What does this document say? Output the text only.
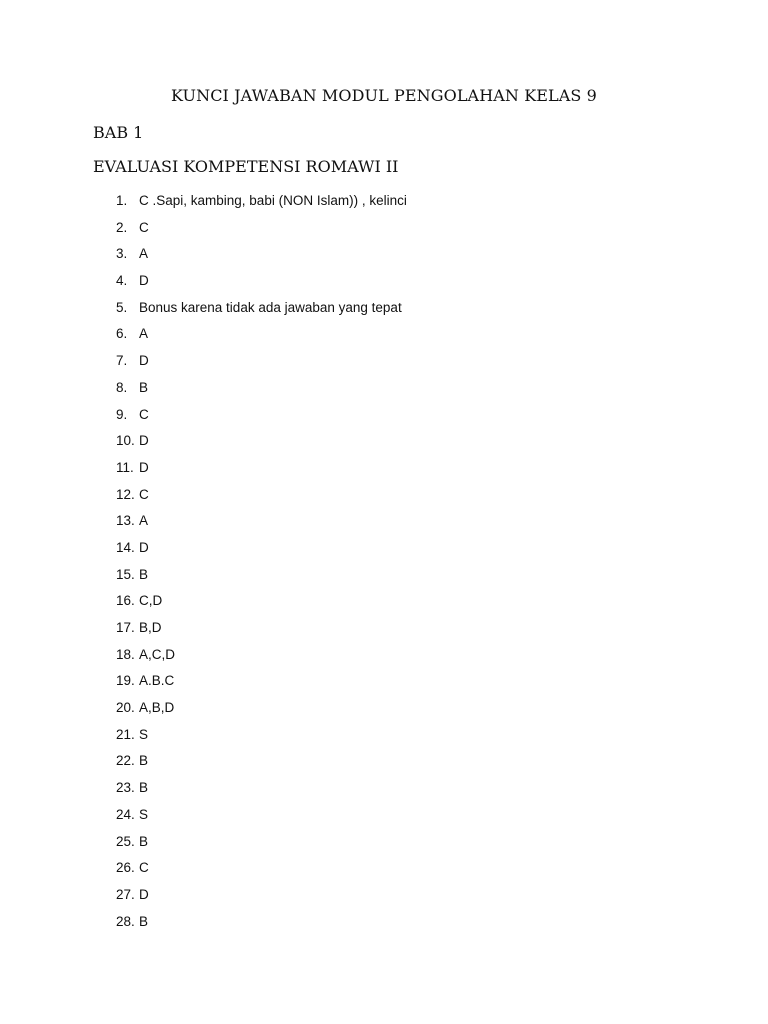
KUNCI JAWABAN MODUL PENGOLAHAN KELAS 9
BAB 1
EVALUASI KOMPETENSI ROMAWI II
1. C .Sapi, kambing, babi (NON Islam)) , kelinci
2. C
3. A
4. D
5. Bonus karena tidak ada jawaban yang tepat
6. A
7. D
8. B
9. C
10. D
11. D
12. C
13. A
14. D
15. B
16. C,D
17. B,D
18. A,C,D
19. A.B.C
20. A,B,D
21. S
22. B
23. B
24. S
25. B
26. C
27. D
28. B
